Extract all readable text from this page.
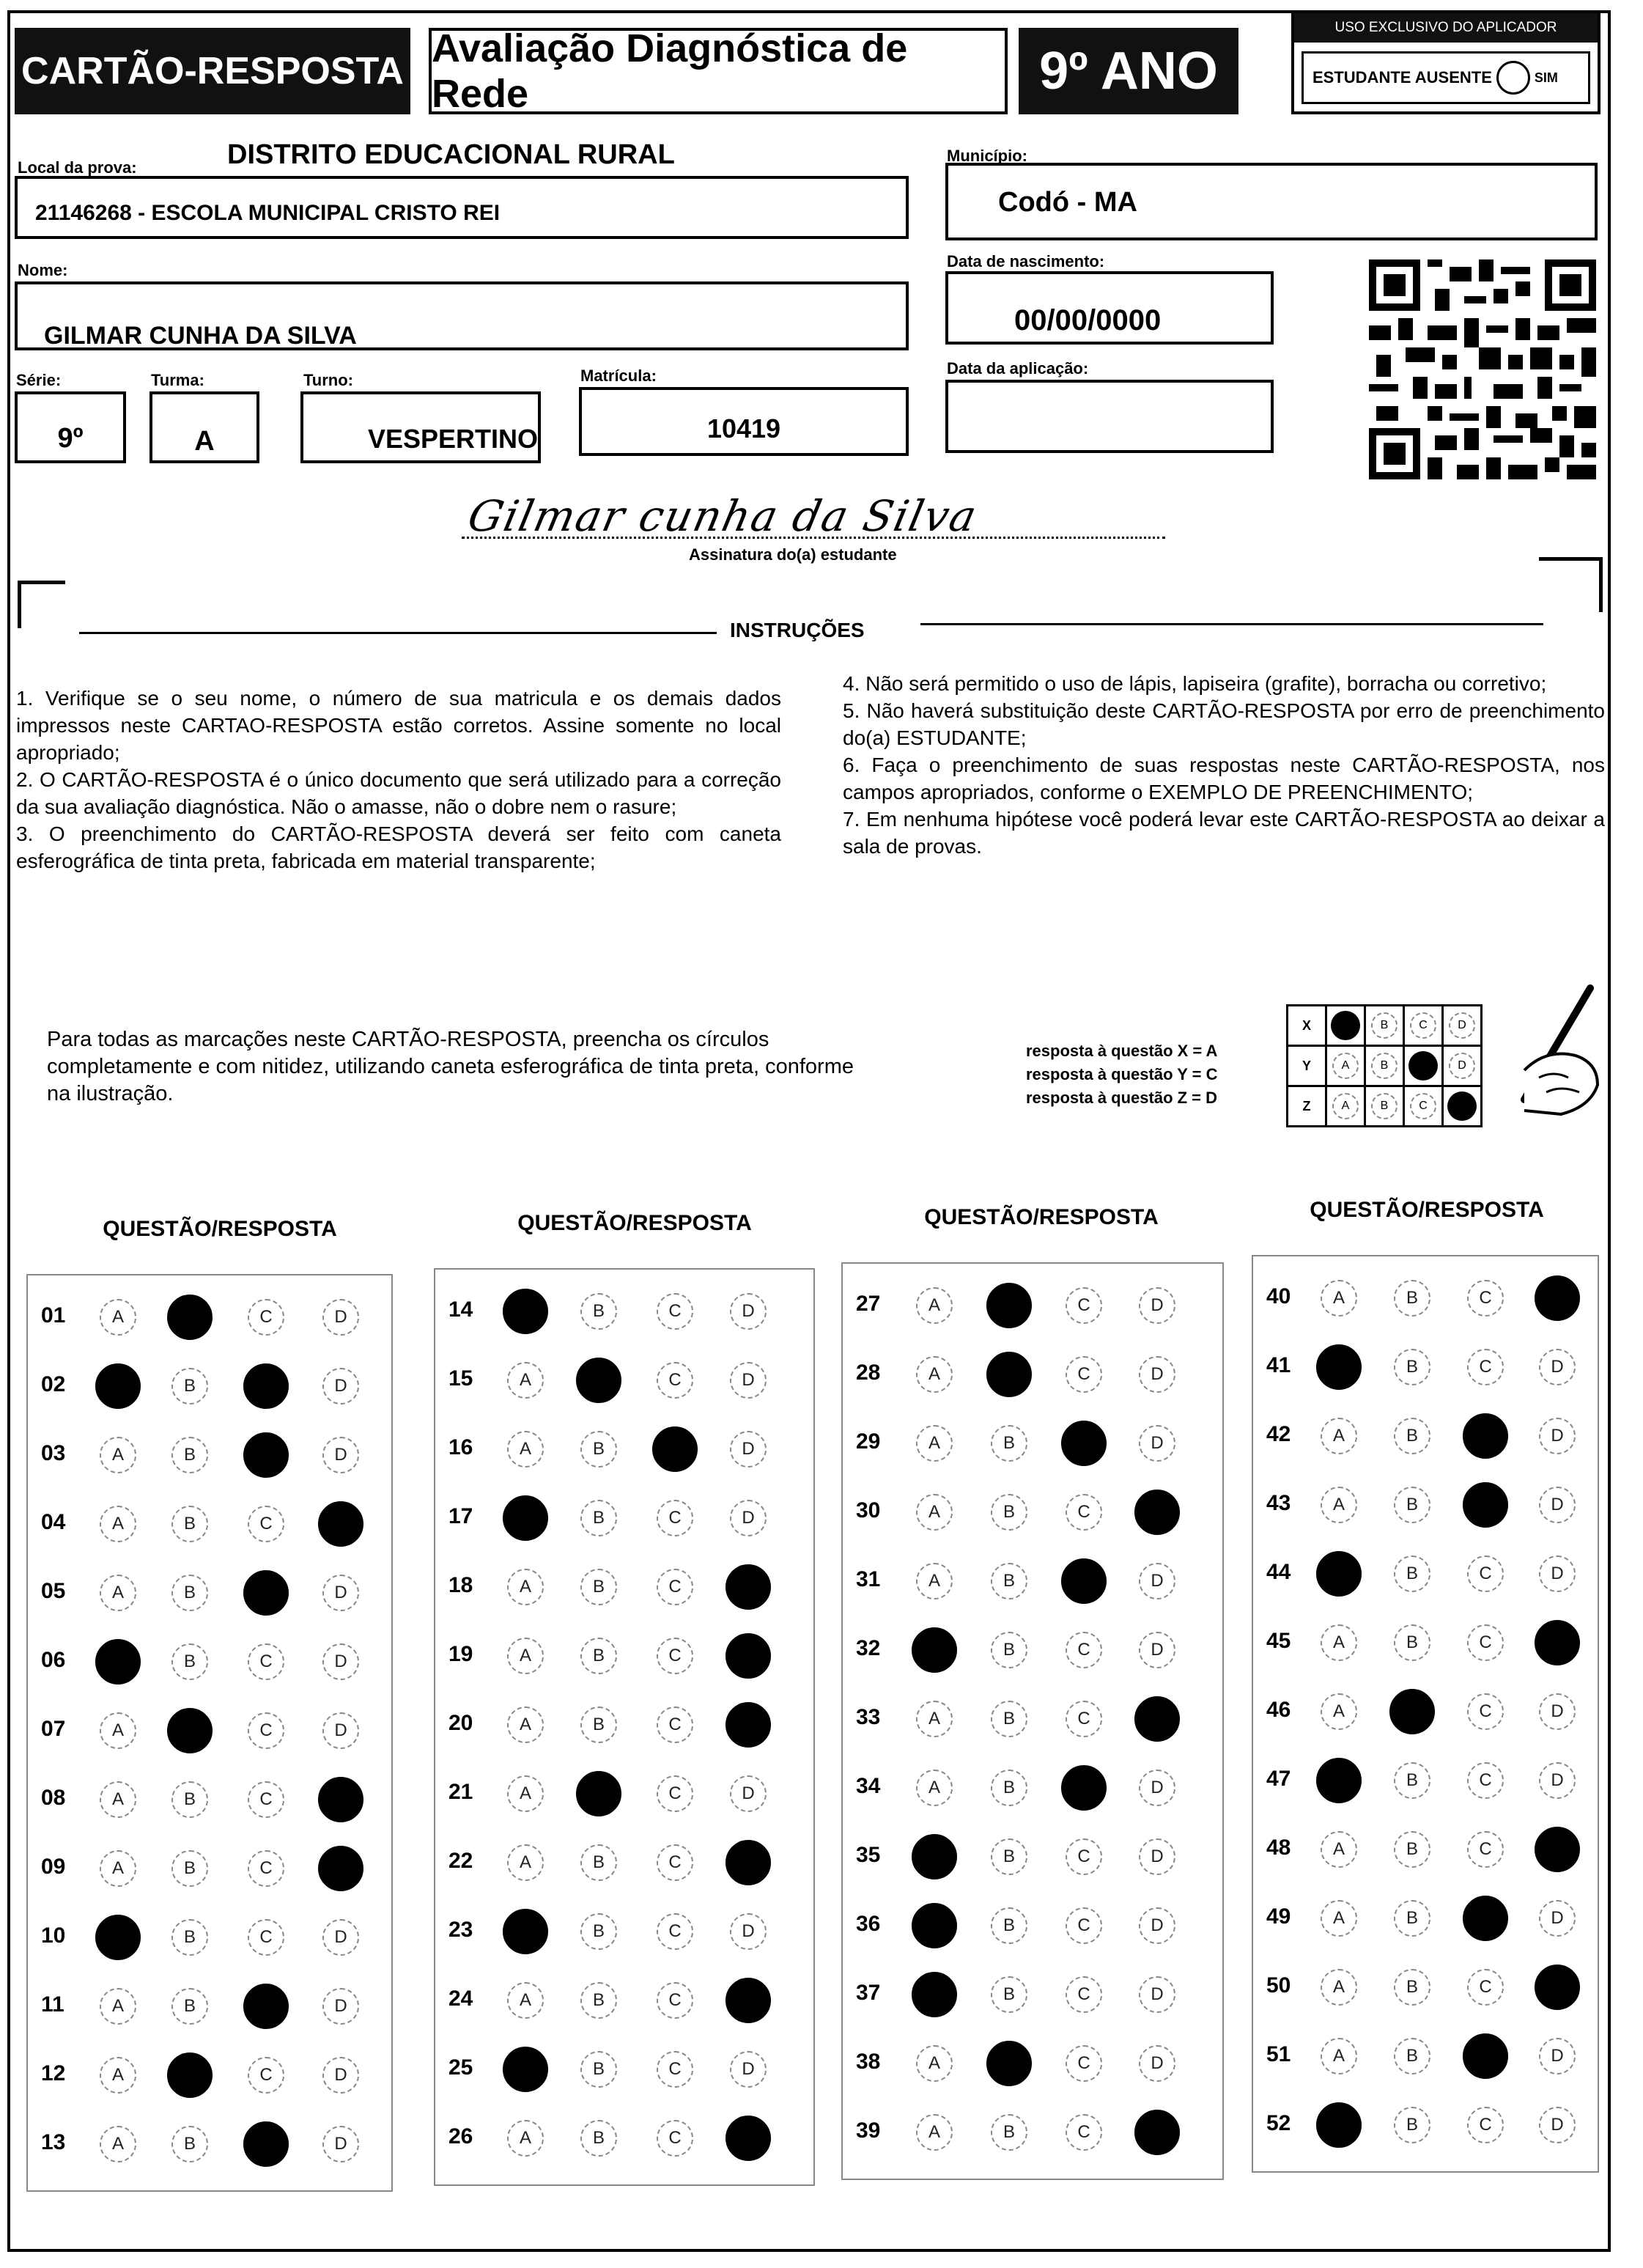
CARTÃO-RESPOSTA
Avaliação Diagnóstica de Rede	9º ANO
USO EXCLUSIVO DO APLICADOR
ESTUDANTE AUSENTE	SIM
Local da prova:	DISTRITO EDUCACIONAL RURAL
21146268 - ESCOLA MUNICIPAL CRISTO REI
Município:
Codó - MA
Nome:
GILMAR CUNHA DA SILVA
Data de nascimento:
00/00/0000
Data da aplicação:
Série:
9º
Turma:
A
Turno:
VESPERTINO
Matrícula:
10419
Gilmar cunha da Silva
Assinatura do(a) estudante
INSTRUÇÕES

1. Verifique se o seu nome, o número de sua matricula e os demais dados impressos neste CARTAO-RESPOSTA estão corretos. Assine somente no local apropriado;

2. O CARTÃO-RESPOSTA é o único documento que será utilizado para a correção da sua avaliação diagnóstica. Não o amasse, não o dobre nem o rasure;

3. O preenchimento do CARTÃO-RESPOSTA deverá ser feito com caneta esferográfica de tinta preta, fabricada em material transparente;

4. Não será permitido o uso de lápis, lapiseira (grafite), borracha ou corretivo;

5. Não haverá substituição deste CARTÃO-RESPOSTA por erro de preenchimento do(a) ESTUDANTE;

6. Faça o preenchimento de suas respostas neste CARTÃO-RESPOSTA, nos campos apropriados, conforme o EXEMPLO DE PREENCHIMENTO;

7. Em nenhuma hipótese você poderá levar este CARTÃO-RESPOSTA ao deixar a sala de provas.

Para todas as marcações neste CARTÃO-RESPOSTA, preencha os círculos completamente e com nitidez, utilizando caneta esferográfica de tinta preta, conforme na ilustração.
resposta à questão X = A
resposta à questão Y = C
resposta à questão Z = D
X		B	C	D
Y	A	B		D
Z	A	B	C	
QUESTÃO/RESPOSTA
01	A	C	D
02	B	D
03	A	B	D
04	A	B	C
05	A	B	D
06	B	C	D
07	A	C	D
08	A	B	C
09	A	B	C
10	B	C	D
11	A	B	D
12	A	C	D
13	A	B	D
QUESTÃO/RESPOSTA
14	B	C	D
15	A	C	D
16	A	B	D
17	B	C	D
18	A	B	C
19	A	B	C
20	A	B	C
21	A	C	D
22	A	B	C
23	B	C	D
24	A	B	C
25	B	C	D
26	A	B	C
QUESTÃO/RESPOSTA
27	A	C	D
28	A	C	D
29	A	B	D
30	A	B	C
31	A	B	D
32	B	C	D
33	A	B	C
34	A	B	D
35	B	C	D
36	B	C	D
37	B	C	D
38	A	C	D
39	A	B	C
QUESTÃO/RESPOSTA
40 A	B	C
41	B	C	D
42 A	B	D
43 A	B	D
44	B	C	D
45 A	B	C
46 A	C	D
47	B	C	D
48 A	B	C
49 A	B	D
50 A	B	C
51 A	B	D
52	B	C	D
